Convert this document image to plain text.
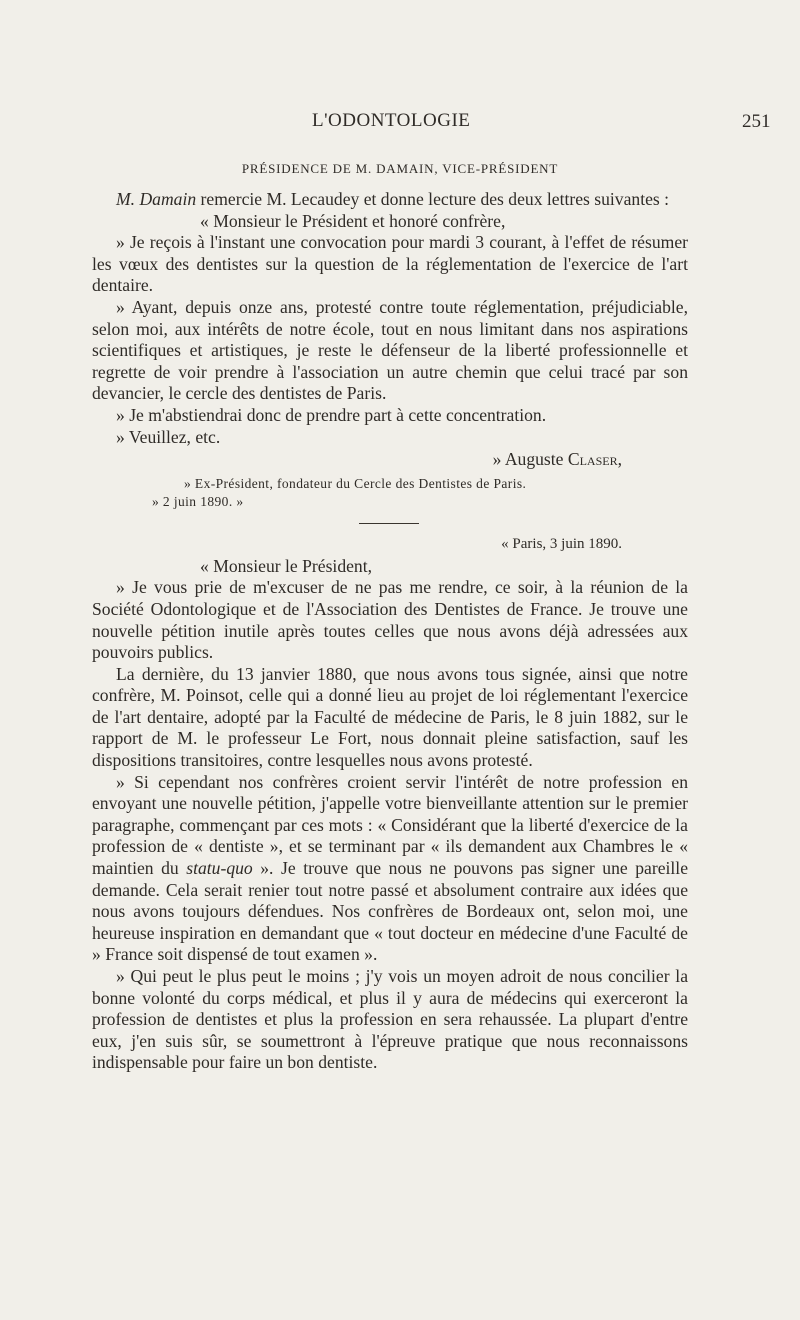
L'ODONTOLOGIE	251
PRÉSIDENCE DE M. DAMAIN, VICE-PRÉSIDENT

M. Damain remercie M. Lecaudey et donne lecture des deux lettres suivantes :

« Monsieur le Président et honoré confrère,

» Je reçois à l'instant une convocation pour mardi 3 courant, à l'effet de résumer les vœux des dentistes sur la question de la réglementation de l'exercice de l'art dentaire.

» Ayant, depuis onze ans, protesté contre toute réglementation, préjudiciable, selon moi, aux intérêts de notre école, tout en nous limitant dans nos aspirations scientifiques et artistiques, je reste le défenseur de la liberté professionnelle et regrette de voir prendre à l'association un autre chemin que celui tracé par son devancier, le cercle des dentistes de Paris.

» Je m'abstiendrai donc de prendre part à cette concentration.

» Veuillez, etc.

» Auguste Claser,

» Ex-Président, fondateur du Cercle des Dentistes de Paris.

» 2 juin 1890. »

« Paris, 3 juin 1890.

« Monsieur le Président,

» Je vous prie de m'excuser de ne pas me rendre, ce soir, à la réunion de la Société Odontologique et de l'Association des Dentistes de France. Je trouve une nouvelle pétition inutile après toutes celles que nous avons déjà adressées aux pouvoirs publics.

La dernière, du 13 janvier 1880, que nous avons tous signée, ainsi que notre confrère, M. Poinsot, celle qui a donné lieu au projet de loi réglementant l'exercice de l'art dentaire, adopté par la Faculté de médecine de Paris, le 8 juin 1882, sur le rapport de M. le professeur Le Fort, nous donnait pleine satisfaction, sauf les dispositions transitoires, contre lesquelles nous avons protesté.

» Si cependant nos confrères croient servir l'intérêt de notre profession en envoyant une nouvelle pétition, j'appelle votre bienveillante attention sur le premier paragraphe, commençant par ces mots : « Considérant que la liberté d'exercice de la profession de « dentiste », et se terminant par « ils demandent aux Chambres le « maintien du statu-quo ». Je trouve que nous ne pouvons pas signer une pareille demande. Cela serait renier tout notre passé et absolument contraire aux idées que nous avons toujours défendues. Nos confrères de Bordeaux ont, selon moi, une heureuse inspiration en demandant que « tout docteur en médecine d'une Faculté de » France soit dispensé de tout examen ».

» Qui peut le plus peut le moins ; j'y vois un moyen adroit de nous concilier la bonne volonté du corps médical, et plus il y aura de médecins qui exerceront la profession de dentistes et plus la profession en sera rehaussée. La plupart d'entre eux, j'en suis sûr, se soumettront à l'épreuve pratique que nous reconnaissons indispensable pour faire un bon dentiste.
